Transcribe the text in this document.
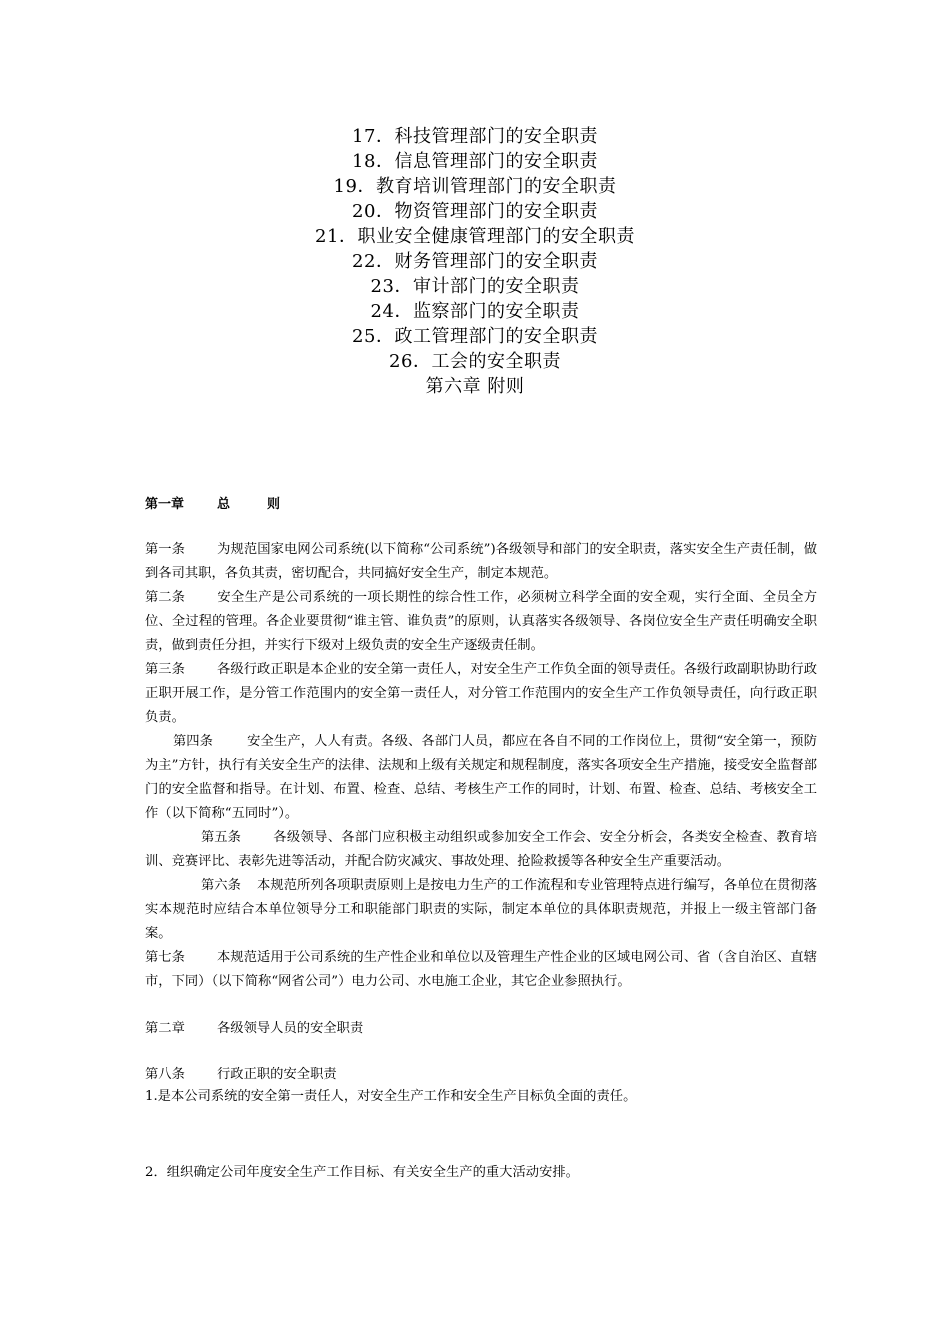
17．科技管理部门的安全职责
18．信息管理部门的安全职责
19．教育培训管理部门的安全职责
20．物资管理部门的安全职责
21．职业安全健康管理部门的安全职责
22．财务管理部门的安全职责
23．审计部门的安全职责
24．监察部门的安全职责
25．政工管理部门的安全职责
26．工会的安全职责
第六章 附则
第一章	总	则

第一条 为规范国家电网公司系统(以下简称“公司系统”)各级领导和部门的安全职责，落实安全生产责任制，做到各司其职，各负其责，密切配合，共同搞好安全生产，制定本规范。

第二条 安全生产是公司系统的一项长期性的综合性工作，必须树立科学全面的安全观，实行全面、全员全方位、全过程的管理。各企业要贯彻“谁主管、谁负责”的原则，认真落实各级领导、各岗位安全生产责任明确安全职责，做到责任分担，并实行下级对上级负责的安全生产逐级责任制。

第三条 各级行政正职是本企业的安全第一责任人，对安全生产工作负全面的领导责任。各级行政副职协助行政正职开展工作，是分管工作范围内的安全第一责任人，对分管工作范围内的安全生产工作负领导责任，向行政正职负责。

第四条	安全生产，人人有责。各级、各部门人员，都应在各自不同的工作岗位上，贯彻“安全第一，预防为主”方针，执行有关安全生产的法律、法规和上级有关规定和规程制度，落实各项安全生产措施，接受安全监督部门的安全监督和指导。在计划、布置、检查、总结、考核生产工作的同时，计划、布置、检查、总结、考核安全工作（以下简称“五同时”）。

第五条 各级领导、各部门应积极主动组织或参加安全工作会、安全分析会，各类安全检查、教育培训、竞赛评比、表彰先进等活动，并配合防灾减灾、事故处理、抢险救援等各种安全生产重要活动。

第六条 本规范所列各项职责原则上是按电力生产的工作流程和专业管理特点进行编写，各单位在贯彻落实本规范时应结合本单位领导分工和职能部门职责的实际，制定本单位的具体职责规范，并报上一级主管部门备案。

第七条 本规范适用于公司系统的生产性企业和单位以及管理生产性企业的区域电网公司、省（含自治区、直辖市，下同）（以下简称“网省公司”）电力公司、水电施工企业，其它企业参照执行。

第二章 各级领导人员的安全职责

第八条 行政正职的安全职责

1.是本公司系统的安全第一责任人，对安全生产工作和安全生产目标负全面的责任。

2．组织确定公司年度安全生产工作目标、有关安全生产的重大活动安排。
